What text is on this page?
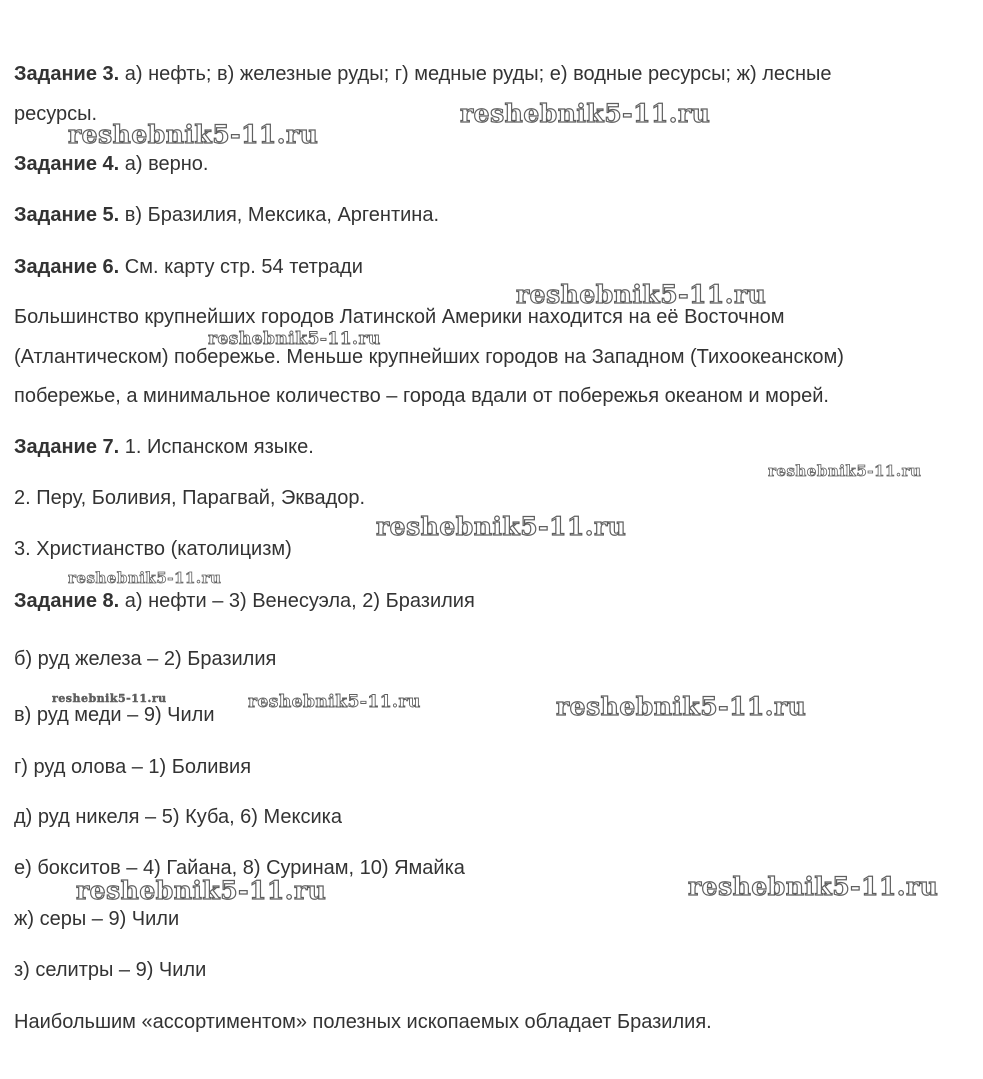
Задание 3. а) нефть; в) железные руды; г) медные руды; е) водные ресурсы; ж) лесные

ресурсы.

Задание 4. а) верно.

Задание 5. в) Бразилия, Мексика, Аргентина.

Задание 6. См. карту стр. 54 тетради

Большинство крупнейших городов Латинской Америки находится на её Восточном

(Атлантическом) побережье. Меньше крупнейших городов на Западном (Тихоокеанском)

побережье, а минимальное количество – города вдали от побережья океаном и морей.

Задание 7. 1. Испанском языке.

2. Перу, Боливия, Парагвай, Эквадор.

3. Христианство (католицизм)

Задание 8. а) нефти – 3) Венесуэла, 2) Бразилия

б) руд железа – 2) Бразилия

в) руд меди – 9) Чили

г) руд олова – 1) Боливия

д) руд никеля – 5) Куба, 6) Мексика

е) бокситов – 4) Гайана, 8) Суринам, 10) Ямайка

ж) серы – 9) Чили

з) селитры – 9) Чили

Наибольшим «ассортиментом» полезных ископаемых обладает Бразилия.

reshebnik5-11.ru
reshebnik5-11.ru
reshebnik5-11.ru
reshebnik5-11.ru
reshebnik5-11.ru
reshebnik5-11.ru
reshebnik5-11.ru
reshebnik5-11.ru	reshebnik5-11.ru	reshebnik5-11.ru
reshebnik5-11.ru
reshebnik5-11.ru
